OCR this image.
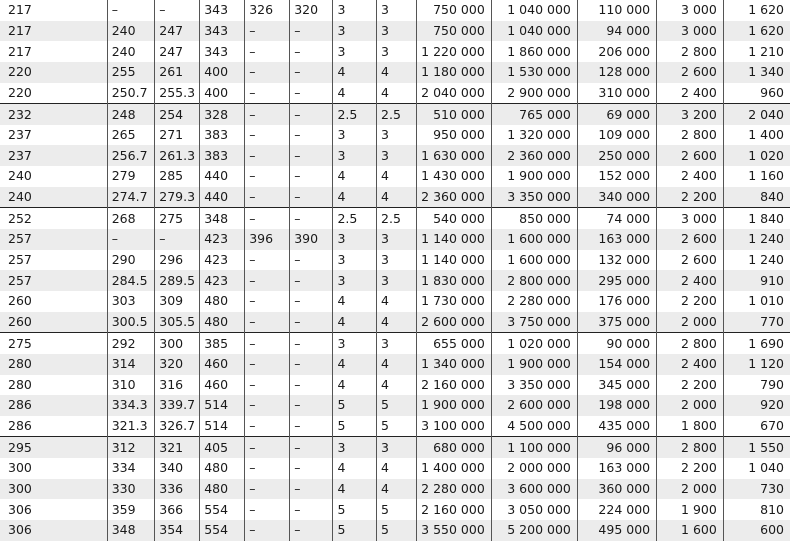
217	–	–	343	326	320	3	3	750 000	1 040 000	110 000	3 000	1 620
217	240	247	343	–	–	3	3	750 000	1 040 000	94 000	3 000	1 620
217	240	247	343	–	–	3	3	1 220 000	1 860 000	206 000	2 800	1 210
220	255	261	400	–	–	4	4	1 180 000	1 530 000	128 000	2 600	1 340
220	250.7	255.3	400	–	–	4	4	2 040 000	2 900 000	310 000	2 400	960
232	248	254	328	–	–	2.5	2.5	510 000	765 000	69 000	3 200	2 040
237	265	271	383	–	–	3	3	950 000	1 320 000	109 000	2 800	1 400
237	256.7	261.3	383	–	–	3	3	1 630 000	2 360 000	250 000	2 600	1 020
240	279	285	440	–	–	4	4	1 430 000	1 900 000	152 000	2 400	1 160
240	274.7	279.3	440	–	–	4	4	2 360 000	3 350 000	340 000	2 200	840
252	268	275	348	–	–	2.5	2.5	540 000	850 000	74 000	3 000	1 840
257	–	–	423	396	390	3	3	1 140 000	1 600 000	163 000	2 600	1 240
257	290	296	423	–	–	3	3	1 140 000	1 600 000	132 000	2 600	1 240
257	284.5	289.5	423	–	–	3	3	1 830 000	2 800 000	295 000	2 400	910
260	303	309	480	–	–	4	4	1 730 000	2 280 000	176 000	2 200	1 010
260	300.5	305.5	480	–	–	4	4	2 600 000	3 750 000	375 000	2 000	770
275	292	300	385	–	–	3	3	655 000	1 020 000	90 000	2 800	1 690
280	314	320	460	–	–	4	4	1 340 000	1 900 000	154 000	2 400	1 120
280	310	316	460	–	–	4	4	2 160 000	3 350 000	345 000	2 200	790
286	334.3	339.7	514	–	–	5	5	1 900 000	2 600 000	198 000	2 000	920
286	321.3	326.7	514	–	–	5	5	3 100 000	4 500 000	435 000	1 800	670
295	312	321	405	–	–	3	3	680 000	1 100 000	96 000	2 800	1 550
300	334	340	480	–	–	4	4	1 400 000	2 000 000	163 000	2 200	1 040
300	330	336	480	–	–	4	4	2 280 000	3 600 000	360 000	2 000	730
306	359	366	554	–	–	5	5	2 160 000	3 050 000	224 000	1 900	810
306	348	354	554	–	–	5	5	3 550 000	5 200 000	495 000	1 600	600
